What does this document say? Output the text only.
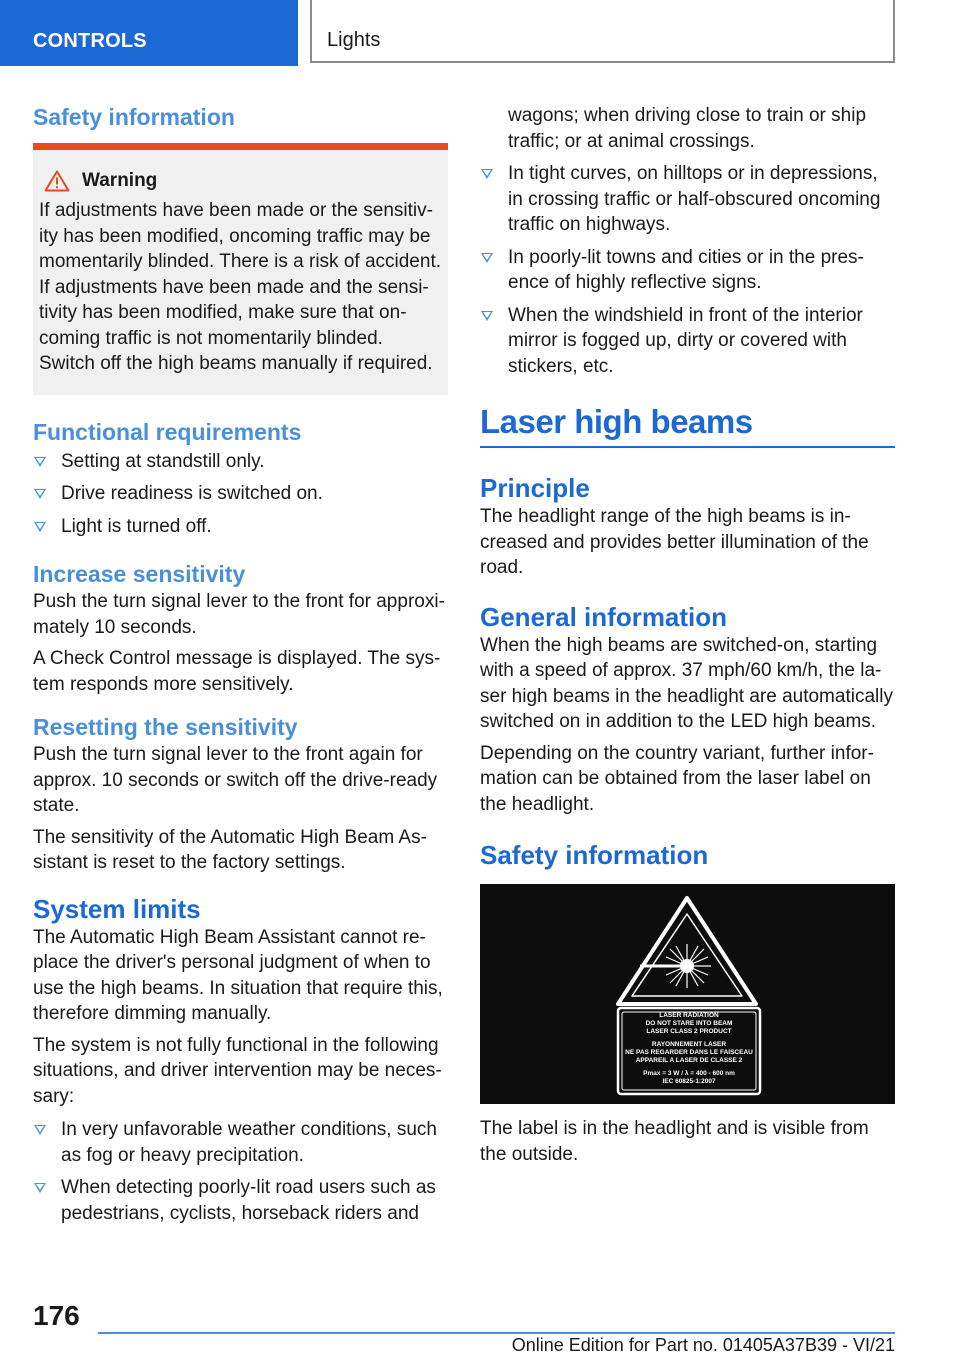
CONTROLS	Lights
Safety information
Warning

If adjustments have been made or the sensitiv-

ity has been modified, oncoming traffic may be

momentarily blinded. There is a risk of accident.

If adjustments have been made and the sensi-

tivity has been modified, make sure that on-

coming traffic is not momentarily blinded.

Switch off the high beams manually if required.

Functional requirements
Setting at standstill only.
Drive readiness is switched on.
Light is turned off.
Increase sensitivity

Push the turn signal lever to the front for approxi-

mately 10 seconds.

A Check Control message is displayed. The sys-

tem responds more sensitively.

Resetting the sensitivity

Push the turn signal lever to the front again for

approx. 10 seconds or switch off the drive-ready

state.

The sensitivity of the Automatic High Beam As-

sistant is reset to the factory settings.

System limits

The Automatic High Beam Assistant cannot re-

place the driver's personal judgment of when to

use the high beams. In situation that require this,

therefore dimming manually.

The system is not fully functional in the following

situations, and driver intervention may be neces-

sary:

In very unfavorable weather conditions, such
as fog or heavy precipitation.
When detecting poorly-lit road users such as
pedestrians, cyclists, horseback riders and

wagons; when driving close to train or ship

traffic; or at animal crossings.

In tight curves, on hilltops or in depressions,
in crossing traffic or half-obscured oncoming
traffic on highways.
In poorly-lit towns and cities or in the pres-
ence of highly reflective signs.
When the windshield in front of the interior
mirror is fogged up, dirty or covered with
stickers, etc.
Laser high beams
Principle

The headlight range of the high beams is in-

creased and provides better illumination of the

road.

General information

When the high beams are switched-on, starting

with a speed of approx. 37 mph/60 km/h, the la-

ser high beams in the headlight are automatically

switched on in addition to the LED high beams.

Depending on the country variant, further infor-

mation can be obtained from the laser label on

the headlight.

Safety information
LASER RADIATION
DO NOT STARE INTO BEAM
LASER CLASS 2 PRODUCT
RAYONNEMENT LASER
NE PAS REGARDER DANS LE FAISCEAU
APPAREIL A LASER DE CLASSE 2
Pmax = 3 W / λ = 400 - 600 nm
IEC 60825-1:2007

The label is in the headlight and is visible from

the outside.

176
Online Edition for Part no. 01405A37B39 - VI/21
